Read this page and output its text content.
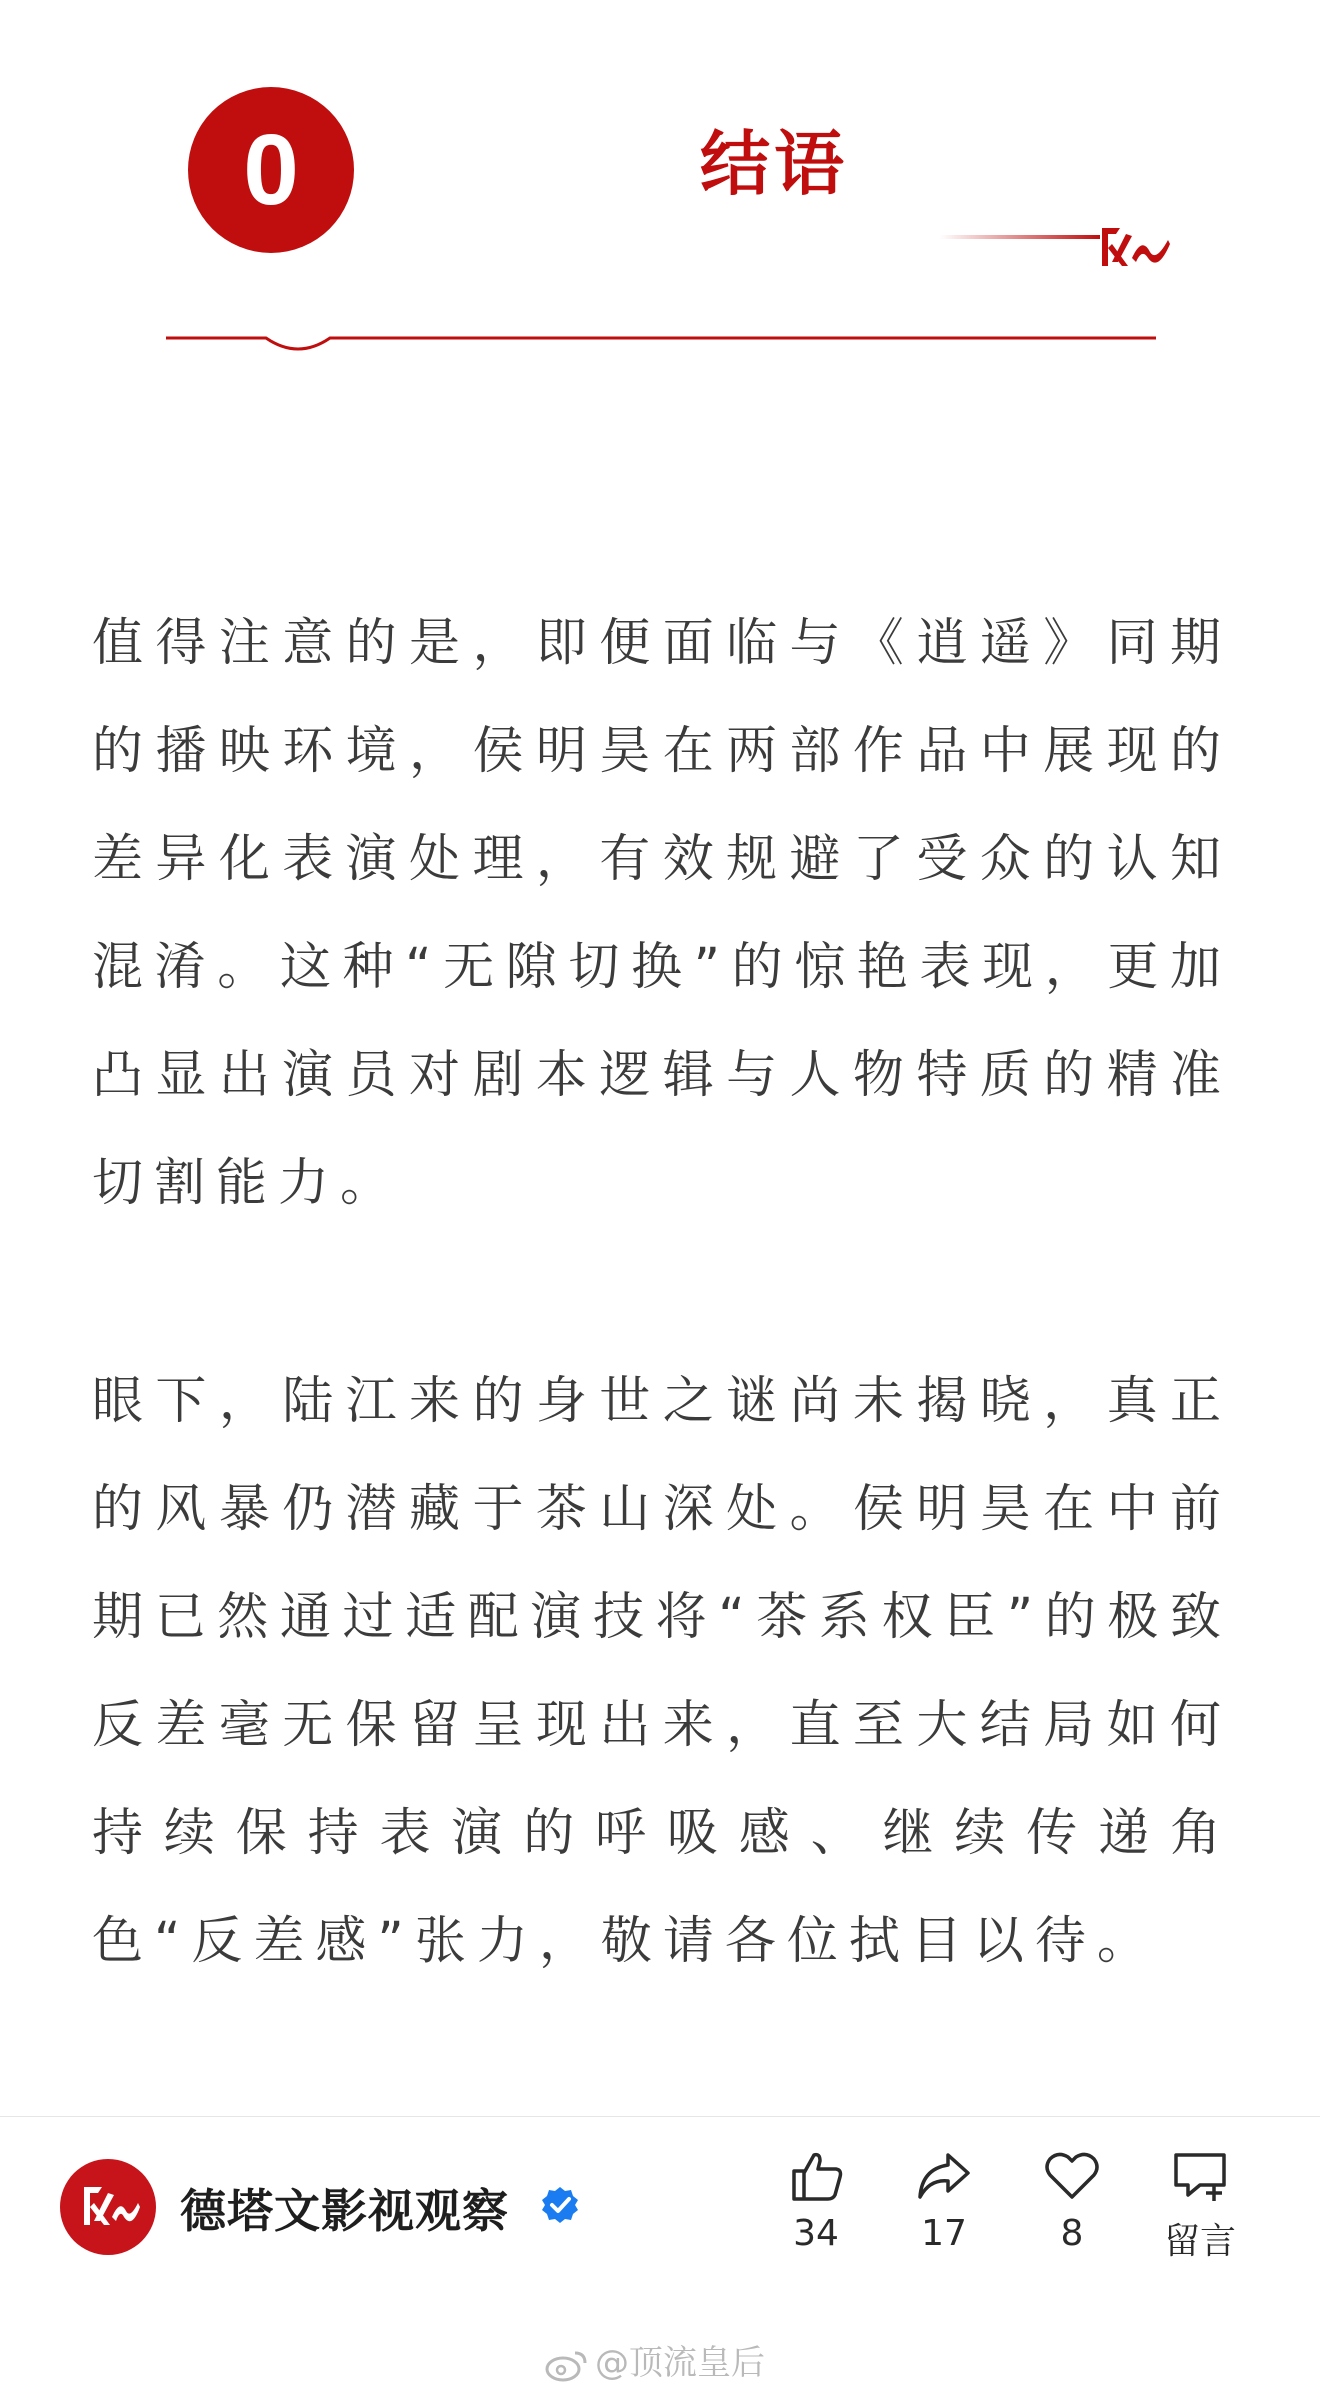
0	结语

值得注意的是，即便面临与《逍遥》同期的播映环境，侯明昊在两部作品中展现的差异化表演处理，有效规避了受众的认知混淆。这种“无隙切换”的惊艳表现，更加凸显出演员对剧本逻辑与人物特质的精准切割能力。

眼下，陆江来的身世之谜尚未揭晓，真正的风暴仍潜藏于茶山深处。侯明昊在中前期已然通过适配演技将“茶系权臣”的极致反差毫无保留呈现出来，直至大结局如何持续保持表演的呼吸感、继续传递角色“反差感”张力，敬请各位拭目以待。

德塔文影视观察	34	17	8	留言
@顶流皇后
